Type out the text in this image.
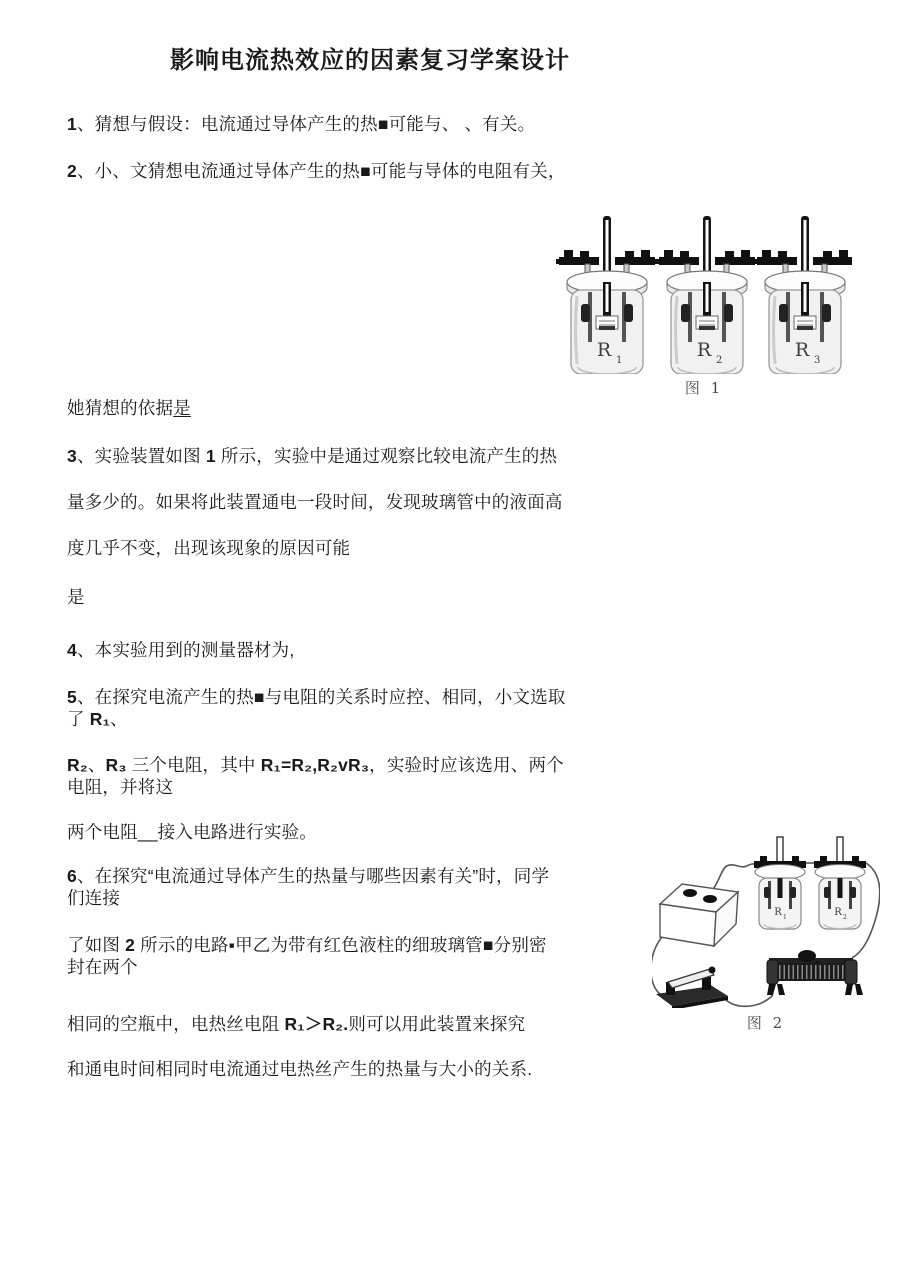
影响电流热效应的因素复习学案设计
1、猜想与假设：电流通过导体产生的热■可能与、 、有关。
2、小、文猜想电流通过导体产生的热■可能与导体的电阻有关，
她猜想的依据是
3、实验装置如图 1 所示，实验中是通过观察比较电流产生的热
量多少的。如果将此装置通电一段时间，发现玻璃管中的液面高
度几乎不变，出现该现象的原因可能
是
4、本实验用到的测量器材为,
5、在探究电流产生的热■与电阻的关系时应控、相同，小文选取
了 R₁、
R₂、R₃ 三个电阻，其中 R₁=R₂,R₂vR₃，实验时应该选用、两个
电阻，并将这
两个电阻__接入电路进行实验。
6、在探究“电流通过导体产生的热量与哪些因素有关”时，同学
们连接
了如图 2 所示的电路▪甲乙为带有红色液柱的细玻璃管■分别密
封在两个
相同的空瓶中，电热丝电阻 R₁＞R₂.则可以用此装置来探究
和通电时间相同时电流通过电热丝产生的热量与大小的关系.
R 1	R 2	R 3
图 1
R 1	R 2
图 2
